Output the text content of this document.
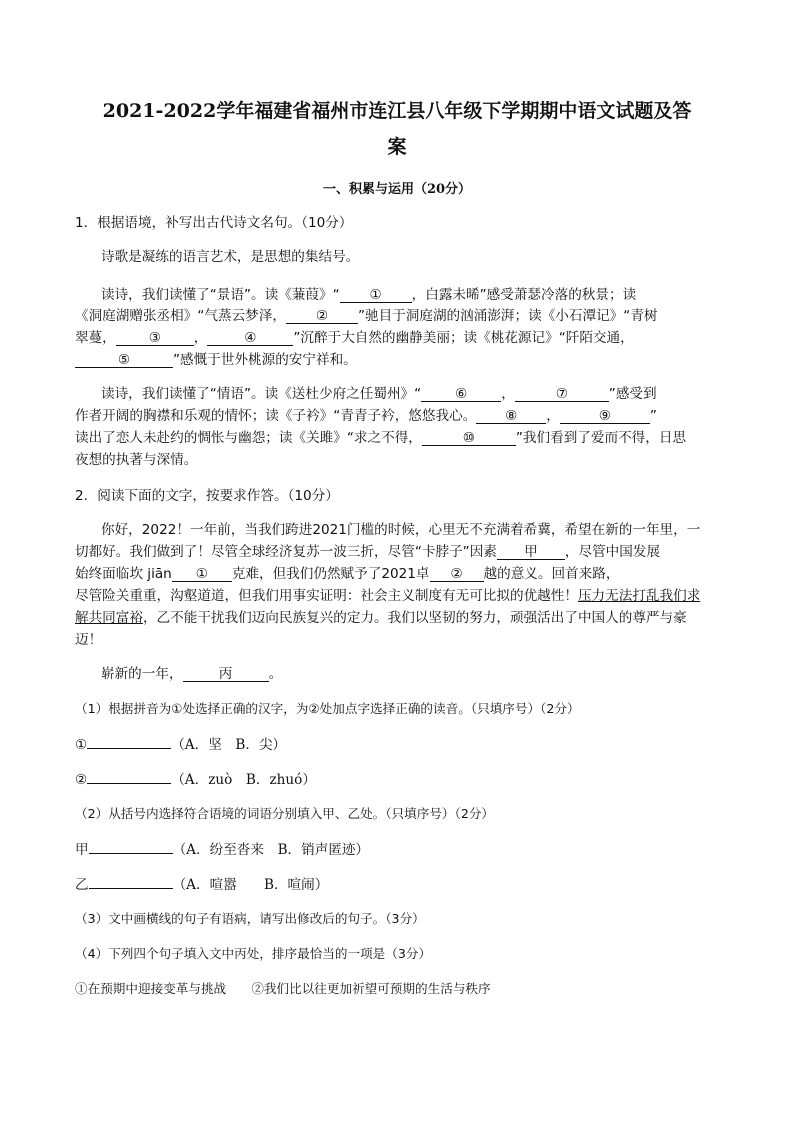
2021-2022学年福建省福州市连江县八年级下学期期中语文试题及答
案
一、积累与运用（20分）
1．根据语境，补写出古代诗文名句。（10分）
诗歌是凝练的语言艺术，是思想的集结号。
读诗，我们读懂了“景语”。读《蒹葭》“ ① ，白露未晞”感受萧瑟冷落的秋景；读
《洞庭湖赠张丞相》“气蒸云梦泽， ② ”驰目于洞庭湖的汹涌澎湃；读《小石潭记》“青树
翠蔓， ③ ，	④	”沉醉于大自然的幽静美丽；读《桃花源记》“阡陌交通，
⑤	”感慨于世外桃源的安宁祥和。
读诗，我们读懂了“情语”。读《送杜少府之任蜀州》“ ⑥ ，	⑦	”感受到
作者开阔的胸襟和乐观的情怀；读《子衿》“青青子衿，悠悠我心。 ⑧ ，	⑨	”
读出了恋人未赴约的惆怅与幽怨；读《关雎》“求之不得，	⑩	”我们看到了爱而不得，日思
夜想的执著与深情。
2．阅读下面的文字，按要求作答。（10分）
你好，2022！一年前，当我们跨进2021门槛的时候，心里无不充满着希冀，希望在新的一年里，一
切都好。我们做到了！尽管全球经济复苏一波三折，尽管“卡脖子”因素 甲 ，尽管中国发展
始终面临坎 jiān ① 克难，但我们仍然赋予了2021卓 ② 越的意义。回首来路，
尽管险关重重，沟壑道道，但我们用事实证明：社会主义制度有无可比拟的优越性！压力无法打乱我们求
解共同富裕，乙不能干扰我们迈向民族复兴的定力。我们以坚韧的努力，顽强活出了中国人的尊严与豪
迈！
崭新的一年，	丙	。
（1）根据拼音为①处选择正确的汉字，为②处加点字选择正确的读音。（只填序号）（2分）
①	（A．坚　B．尖）
②	（A．zuò　B．zhuó）
（2）从括号内选择符合语境的词语分别填入甲、乙处。（只填序号）（2分）
甲	（A．纷至沓来　B．销声匿迹）
乙	（A．喧嚣　　B．喧闹）
（3）文中画横线的句子有语病，请写出修改后的句子。（3分）
（4）下列四个句子填入文中丙处，排序最恰当的一项是（3分）
①在预期中迎接变革与挑战　　②我们比以往更加祈望可预期的生活与秩序
